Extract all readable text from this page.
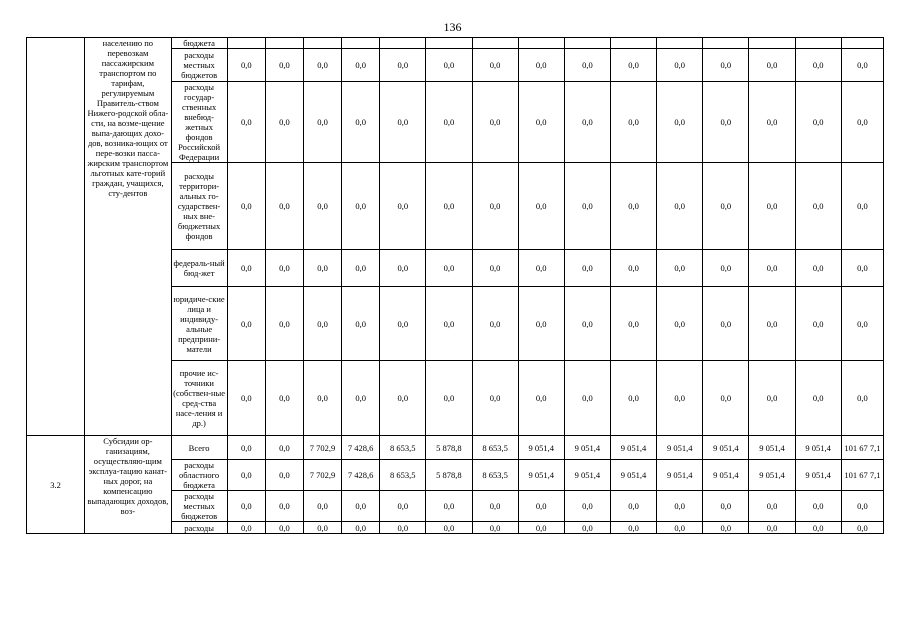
136
	населению по перевозкам пассажирским транспортом по тарифам, регулируемым Правитель-ством Нижего-родской обла-сти, на возме-щение выпа-дающих дохо-дов, возника-ющих от пере-возки пасса-жирским транспортом льготных кате-горий граждан, учащихся, сту-дентов	бюджета															
		расходы местных бюджетов	0,0	0,0	0,0	0,0	0,0	0,0	0,0	0,0	0,0	0,0	0,0	0,0	0,0	0,0	0,0
		расходы государ-ственных внебюд-жетных фондов Российской Федерации	0,0	0,0	0,0	0,0	0,0	0,0	0,0	0,0	0,0	0,0	0,0	0,0	0,0	0,0	0,0
		расходы территори-альных го-сударствен-ных вне-бюджетных фондов	0,0	0,0	0,0	0,0	0,0	0,0	0,0	0,0	0,0	0,0	0,0	0,0	0,0	0,0	0,0
		федераль-ный бюд-жет	0,0	0,0	0,0	0,0	0,0	0,0	0,0	0,0	0,0	0,0	0,0	0,0	0,0	0,0	0,0
		юридиче-ские лица и индивиду-альные предприни-матели	0,0	0,0	0,0	0,0	0,0	0,0	0,0	0,0	0,0	0,0	0,0	0,0	0,0	0,0	0,0
		прочие ис-точники (собствен-ные сред-ства насе-ления и др.)	0,0	0,0	0,0	0,0	0,0	0,0	0,0	0,0	0,0	0,0	0,0	0,0	0,0	0,0	0,0
3.2	Субсидии ор-ганизациям, осуществляю-щим эксплуа-тацию канат-ных дорог, на компенсацию выпадающих доходов, воз-	Всего	0,0	0,0	7 702,9	7 428,6	8 653,5	5 878,8	8 653,5	9 051,4	9 051,4	9 051,4	9 051,4	9 051,4	9 051,4	9 051,4	101 67 7,1
		расходы областного бюджета	0,0	0,0	7 702,9	7 428,6	8 653,5	5 878,8	8 653,5	9 051,4	9 051,4	9 051,4	9 051,4	9 051,4	9 051,4	9 051,4	101 67 7,1
		расходы местных бюджетов	0,0	0,0	0,0	0,0	0,0	0,0	0,0	0,0	0,0	0,0	0,0	0,0	0,0	0,0	0,0
		расходы	0,0	0,0	0,0	0,0	0,0	0,0	0,0	0,0	0,0	0,0	0,0	0,0	0,0	0,0	0,0
